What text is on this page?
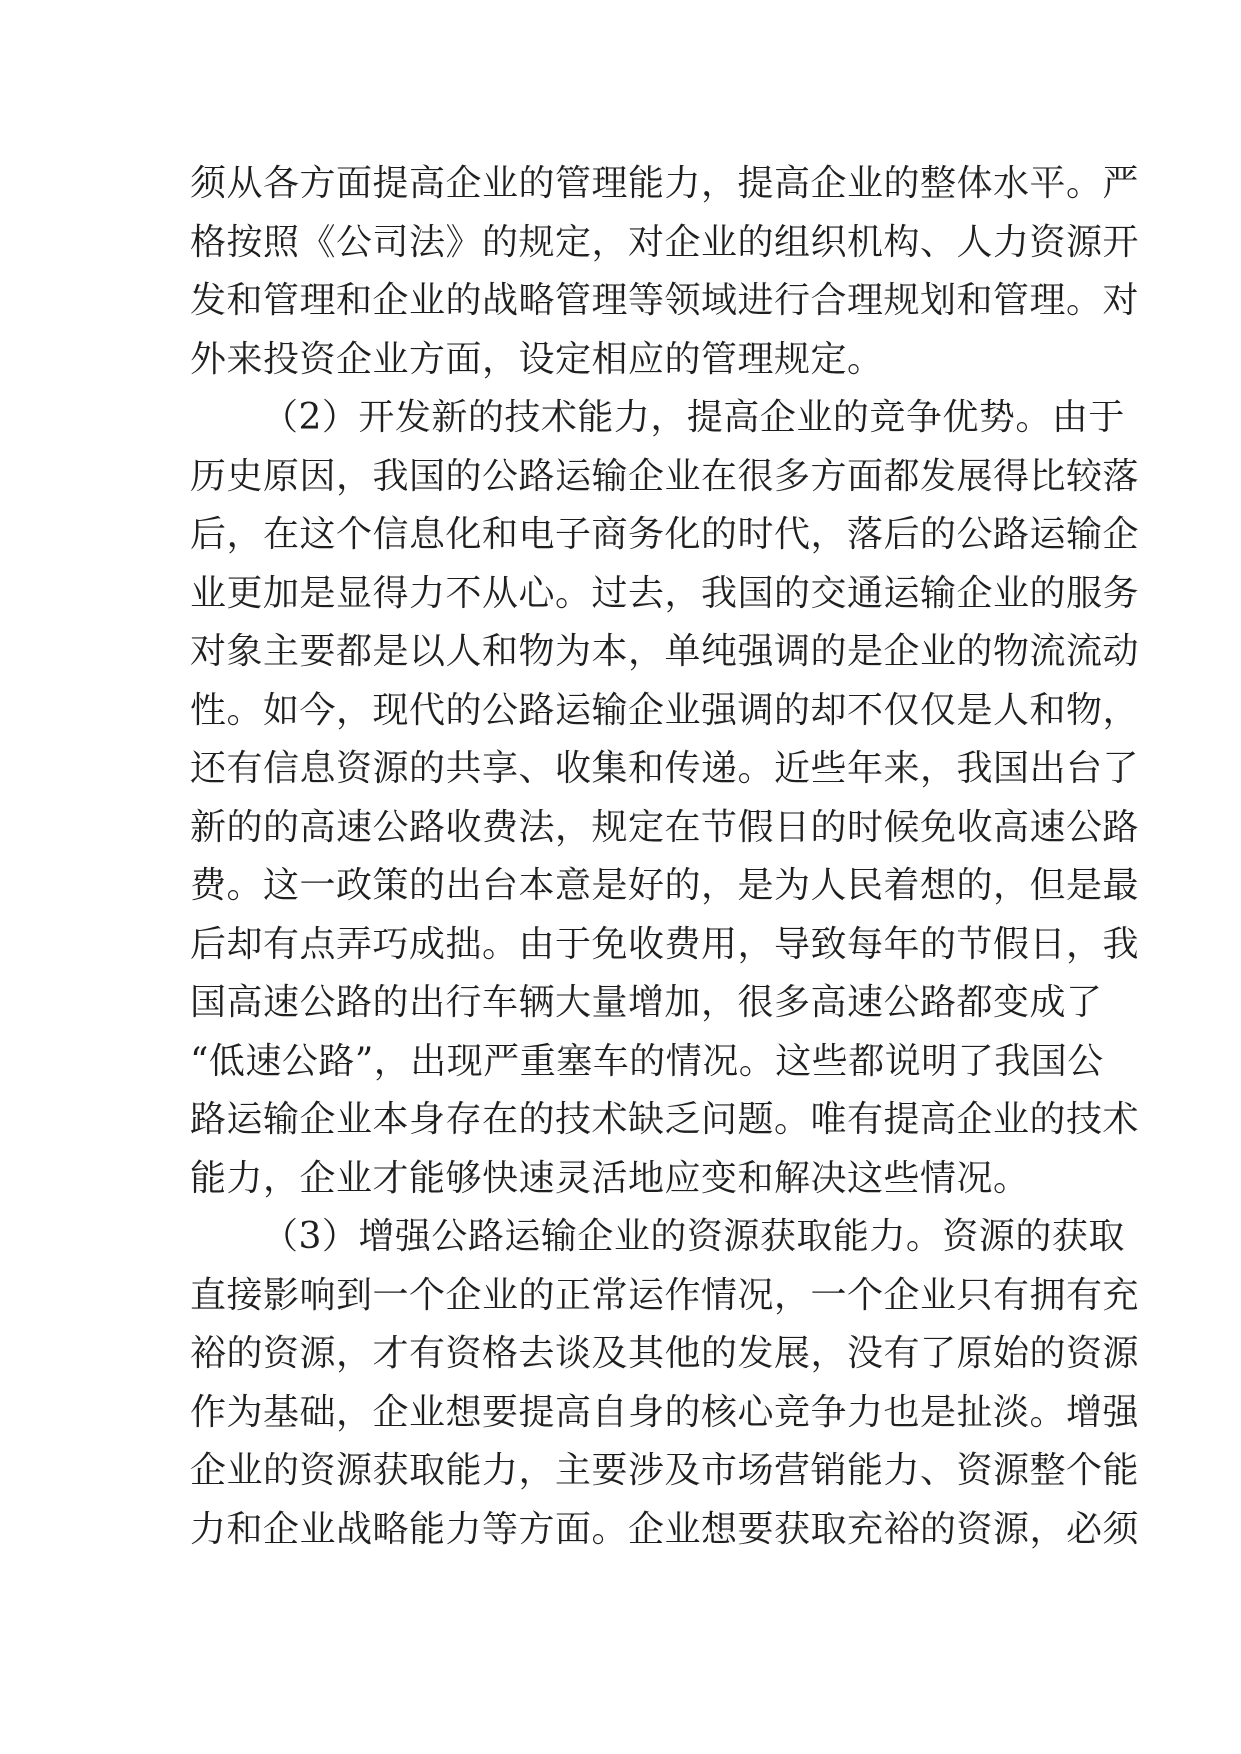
须从各方面提高企业的管理能力，提高企业的整体水平。严
格按照《公司法》的规定，对企业的组织机构、人力资源开
发和管理和企业的战略管理等领域进行合理规划和管理。对
外来投资企业方面，设定相应的管理规定。
（2）开发新的技术能力，提高企业的竞争优势。由于
历史原因，我国的公路运输企业在很多方面都发展得比较落
后，在这个信息化和电子商务化的时代，落后的公路运输企
业更加是显得力不从心。过去，我国的交通运输企业的服务
对象主要都是以人和物为本，单纯强调的是企业的物流流动
性。如今，现代的公路运输企业强调的却不仅仅是人和物，
还有信息资源的共享、收集和传递。近些年来，我国出台了
新的的高速公路收费法，规定在节假日的时候免收高速公路
费。这一政策的出台本意是好的，是为人民着想的，但是最
后却有点弄巧成拙。由于免收费用，导致每年的节假日，我
国高速公路的出行车辆大量增加，很多高速公路都变成了
“低速公路”，出现严重塞车的情况。这些都说明了我国公
路运输企业本身存在的技术缺乏问题。唯有提高企业的技术
能力，企业才能够快速灵活地应变和解决这些情况。
（3）增强公路运输企业的资源获取能力。资源的获取
直接影响到一个企业的正常运作情况，一个企业只有拥有充
裕的资源，才有资格去谈及其他的发展，没有了原始的资源
作为基础，企业想要提高自身的核心竞争力也是扯淡。增强
企业的资源获取能力，主要涉及市场营销能力、资源整个能
力和企业战略能力等方面。企业想要获取充裕的资源，必须
